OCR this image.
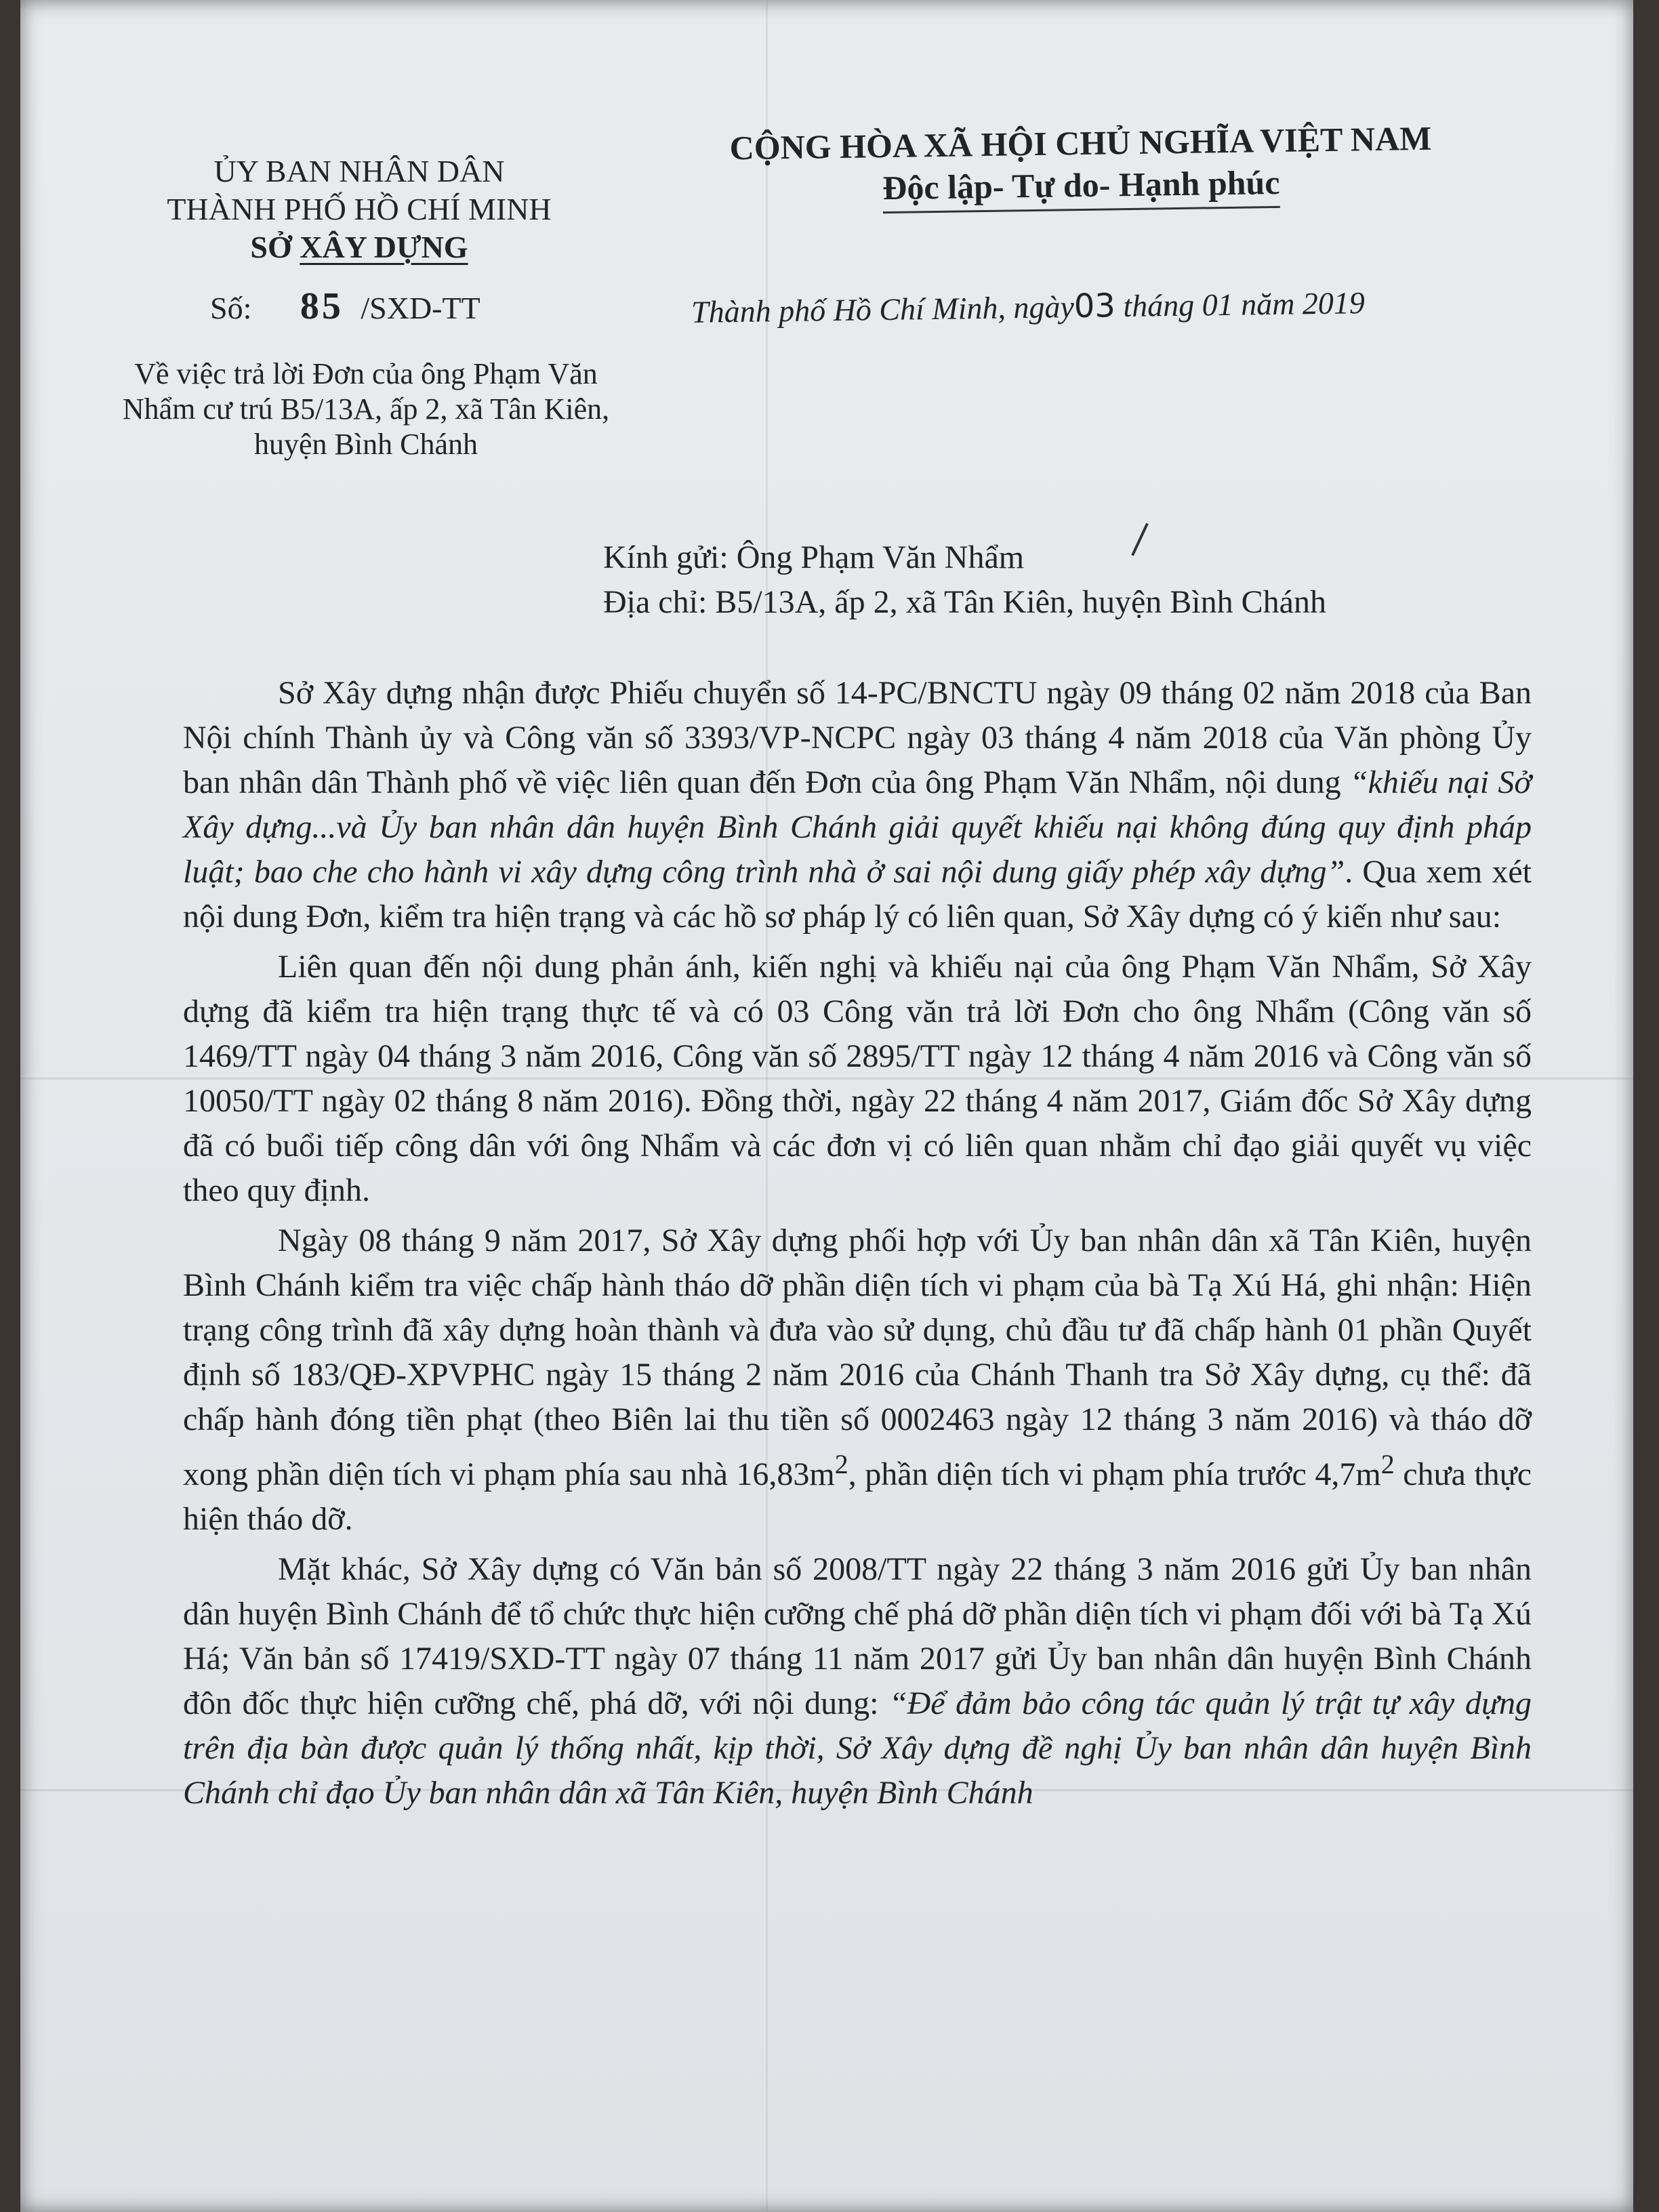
ỦY BAN NHÂN DÂN
THÀNH PHỐ HỒ CHÍ MINH
SỞ XÂY DỰNG
Số: 85 /SXD-TT
Về việc trả lời Đơn của ông Phạm Văn
Nhẩm cư trú B5/13A, ấp 2, xã Tân Kiên,
huyện Bình Chánh
CỘNG HÒA XÃ HỘI CHỦ NGHĨA VIỆT NAM
Độc lập- Tự do- Hạnh phúc
Thành phố Hồ Chí Minh, ngày03 tháng 01 năm 2019
Kính gửi: Ông Phạm Văn Nhẩm
Địa chỉ: B5/13A, ấp 2, xã Tân Kiên, huyện Bình Chánh

Sở Xây dựng nhận được Phiếu chuyển số 14-PC/BNCTU ngày 09 tháng 02 năm 2018 của Ban Nội chính Thành ủy và Công văn số 3393/VP-NCPC ngày 03 tháng 4 năm 2018 của Văn phòng Ủy ban nhân dân Thành phố về việc liên quan đến Đơn của ông Phạm Văn Nhẩm, nội dung “khiếu nại Sở Xây dựng...và Ủy ban nhân dân huyện Bình Chánh giải quyết khiếu nại không đúng quy định pháp luật; bao che cho hành vi xây dựng công trình nhà ở sai nội dung giấy phép xây dựng”. Qua xem xét nội dung Đơn, kiểm tra hiện trạng và các hồ sơ pháp lý có liên quan, Sở Xây dựng có ý kiến như sau:

Liên quan đến nội dung phản ánh, kiến nghị và khiếu nại của ông Phạm Văn Nhẩm, Sở Xây dựng đã kiểm tra hiện trạng thực tế và có 03 Công văn trả lời Đơn cho ông Nhẩm (Công văn số 1469/TT ngày 04 tháng 3 năm 2016, Công văn số 2895/TT ngày 12 tháng 4 năm 2016 và Công văn số 10050/TT ngày 02 tháng 8 năm 2016). Đồng thời, ngày 22 tháng 4 năm 2017, Giám đốc Sở Xây dựng đã có buổi tiếp công dân với ông Nhẩm và các đơn vị có liên quan nhằm chỉ đạo giải quyết vụ việc theo quy định.

Ngày 08 tháng 9 năm 2017, Sở Xây dựng phối hợp với Ủy ban nhân dân xã Tân Kiên, huyện Bình Chánh kiểm tra việc chấp hành tháo dỡ phần diện tích vi phạm của bà Tạ Xú Há, ghi nhận: Hiện trạng công trình đã xây dựng hoàn thành và đưa vào sử dụng, chủ đầu tư đã chấp hành 01 phần Quyết định số 183/QĐ-XPVPHC ngày 15 tháng 2 năm 2016 của Chánh Thanh tra Sở Xây dựng, cụ thể: đã chấp hành đóng tiền phạt (theo Biên lai thu tiền số 0002463 ngày 12 tháng 3 năm 2016) và tháo dỡ xong phần diện tích vi phạm phía sau nhà $16,83m^2$, phần diện tích vi phạm phía trước $4,7m^2$ chưa thực hiện tháo dỡ.

Mặt khác, Sở Xây dựng có Văn bản số 2008/TT ngày 22 tháng 3 năm 2016 gửi Ủy ban nhân dân huyện Bình Chánh để tổ chức thực hiện cưỡng chế phá dỡ phần diện tích vi phạm đối với bà Tạ Xú Há; Văn bản số 17419/SXD-TT ngày 07 tháng 11 năm 2017 gửi Ủy ban nhân dân huyện Bình Chánh đôn đốc thực hiện cưỡng chế, phá dỡ, với nội dung: “Để đảm bảo công tác quản lý trật tự xây dựng trên địa bàn được quản lý thống nhất, kịp thời, Sở Xây dựng đề nghị Ủy ban nhân dân huyện Bình Chánh chỉ đạo Ủy ban nhân dân xã Tân Kiên, huyện Bình Chánh
